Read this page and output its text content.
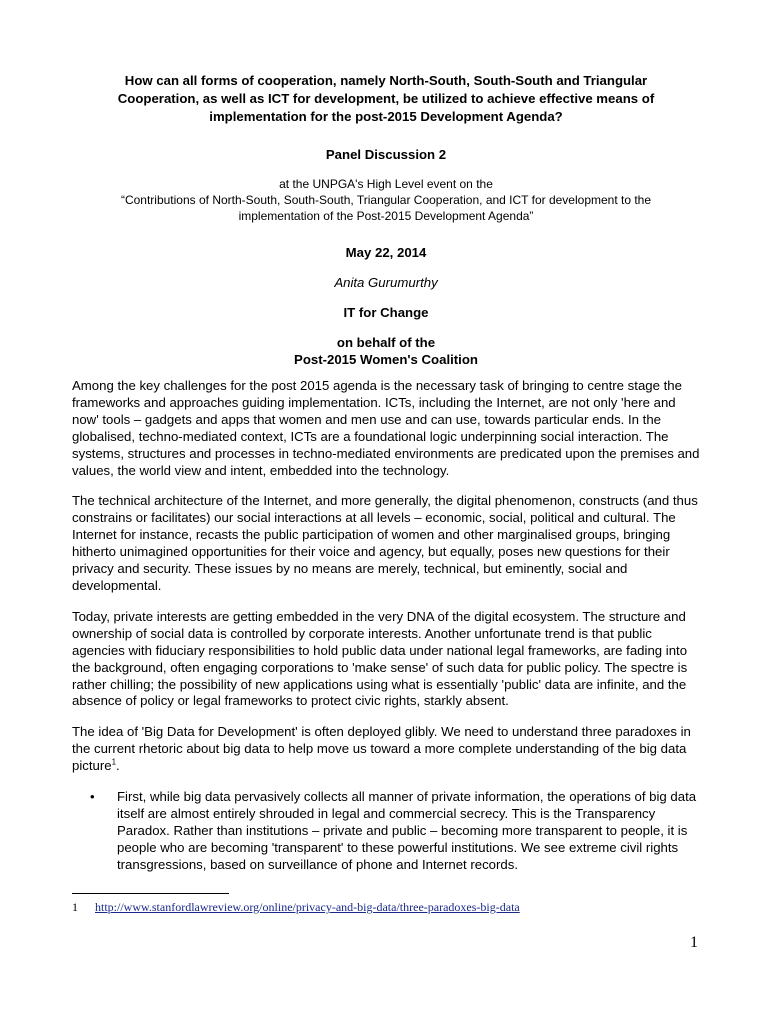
How can all forms of cooperation, namely North-South, South-South and Triangular
Cooperation, as well as ICT for development, be utilized to achieve effective means of
implementation for the post-2015 Development Agenda?
Panel Discussion 2
at the UNPGA's High Level event on the
“Contributions of North-South, South-South, Triangular Cooperation, and ICT for development to the
implementation of the Post-2015 Development Agenda”
May 22, 2014
Anita Gurumurthy
IT for Change
on behalf of the
Post-2015 Women's Coalition

Among the key challenges for the post 2015 agenda is the necessary task of bringing to centre stage the frameworks and approaches guiding implementation. ICTs, including the Internet, are not only 'here and now' tools – gadgets and apps that women and men use and can use, towards particular ends. In the globalised, techno-mediated context, ICTs are a foundational logic underpinning social interaction. The systems, structures and processes in techno-mediated environments are predicated upon the premises and values, the world view and intent, embedded into the technology.

The technical architecture of the Internet, and more generally, the digital phenomenon, constructs (and thus constrains or facilitates) our social interactions at all levels – economic, social, political and cultural. The Internet for instance, recasts the public participation of women and other marginalised groups, bringing hitherto unimagined opportunities for their voice and agency, but equally, poses new questions for their privacy and security. These issues by no means are merely, technical, but eminently, social and developmental.

Today, private interests are getting embedded in the very DNA of the digital ecosystem. The structure and ownership of social data is controlled by corporate interests. Another unfortunate trend is that public agencies with fiduciary responsibilities to hold public data under national legal frameworks, are fading into the background, often engaging corporations to 'make sense' of such data for public policy. The spectre is rather chilling; the possibility of new applications using what is essentially 'public' data are infinite, and the absence of policy or legal frameworks to protect civic rights, starkly absent.

The idea of 'Big Data for Development' is often deployed glibly. We need to understand three paradoxes in the current rhetoric about big data to help move us toward a more complete understanding of the big data picture$^1$.

• First, while big data pervasively collects all manner of private information, the operations of big data itself are almost entirely shrouded in legal and commercial secrecy. This is the Transparency Paradox. Rather than institutions – private and public – becoming more transparent to people, it is people who are becoming 'transparent' to these powerful institutions. We see extreme civil rights transgressions, based on surveillance of phone and Internet records.
1 http://www.stanfordlawreview.org/online/privacy-and-big-data/three-paradoxes-big-data
1
